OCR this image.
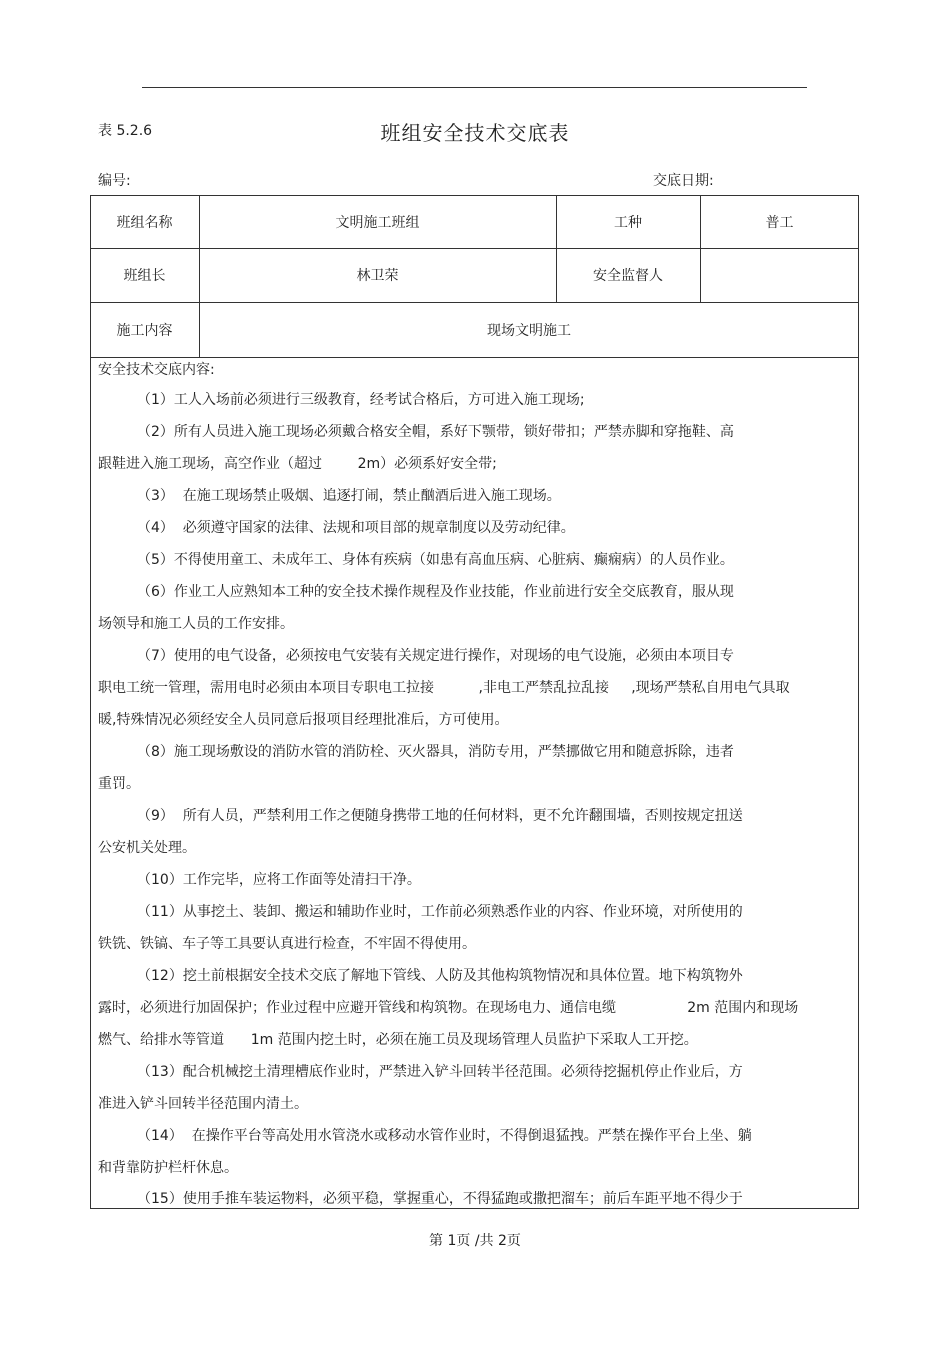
表 5.2.6	班组安全技术交底表
编号:	交底日期:
班组名称	文明施工班组	工种	普工
班组长	林卫荣	安全监督人
施工内容	现场文明施工
安全技术交底内容:
（1）工人入场前必须进行三级教育，经考试合格后，方可进入施工现场;
（2）所有人员进入施工现场必须戴合格安全帽，系好下颚带，锁好带扣；严禁赤脚和穿拖鞋、高
跟鞋进入施工现场，高空作业（超过        2m）必须系好安全带;
（3）  在施工现场禁止吸烟、追逐打闹，禁止酗酒后进入施工现场。
（4）  必须遵守国家的法律、法规和项目部的规章制度以及劳动纪律。
（5）不得使用童工、未成年工、身体有疾病（如患有高血压病、心脏病、癫痫病）的人员作业。
（6）作业工人应熟知本工种的安全技术操作规程及作业技能，作业前进行安全交底教育，服从现
场领导和施工人员的工作安排。
（7）使用的电气设备，必须按电气安装有关规定进行操作，对现场的电气设施，必须由本项目专
职电工统一管理，需用电时必须由本项目专职电工拉接          ,非电工严禁乱拉乱接     ,现场严禁私自用电气具取
暖,特殊情况必须经安全人员同意后报项目经理批准后，方可使用。
（8）施工现场敷设的消防水管的消防栓、灭火器具，消防专用，严禁挪做它用和随意拆除，违者
重罚。
（9）  所有人员，严禁利用工作之便随身携带工地的任何材料，更不允许翻围墙，否则按规定扭送
公安机关处理。
（10）工作完毕，应将工作面等处清扫干净。
（11）从事挖土、装卸、搬运和辅助作业时，工作前必须熟悉作业的内容、作业环境，对所使用的
铁铣、铁镐、车子等工具要认真进行检查，不牢固不得使用。
（12）挖土前根据安全技术交底了解地下管线、人防及其他构筑物情况和具体位置。地下构筑物外
露时，必须进行加固保护；作业过程中应避开管线和构筑物。在现场电力、通信电缆                2m 范围内和现场
燃气、给排水等管道      1m 范围内挖土时，必须在施工员及现场管理人员监护下采取人工开挖。
（13）配合机械挖土清理槽底作业时，严禁进入铲斗回转半径范围。必须待挖掘机停止作业后，方
准进入铲斗回转半径范围内清土。
（14）  在操作平台等高处用水管浇水或移动水管作业时，不得倒退猛拽。严禁在操作平台上坐、躺
和背靠防护栏杆休息。
（15）使用手推车装运物料，必须平稳，掌握重心，不得猛跑或撒把溜车；前后车距平地不得少于
第 1页 /共 2页
